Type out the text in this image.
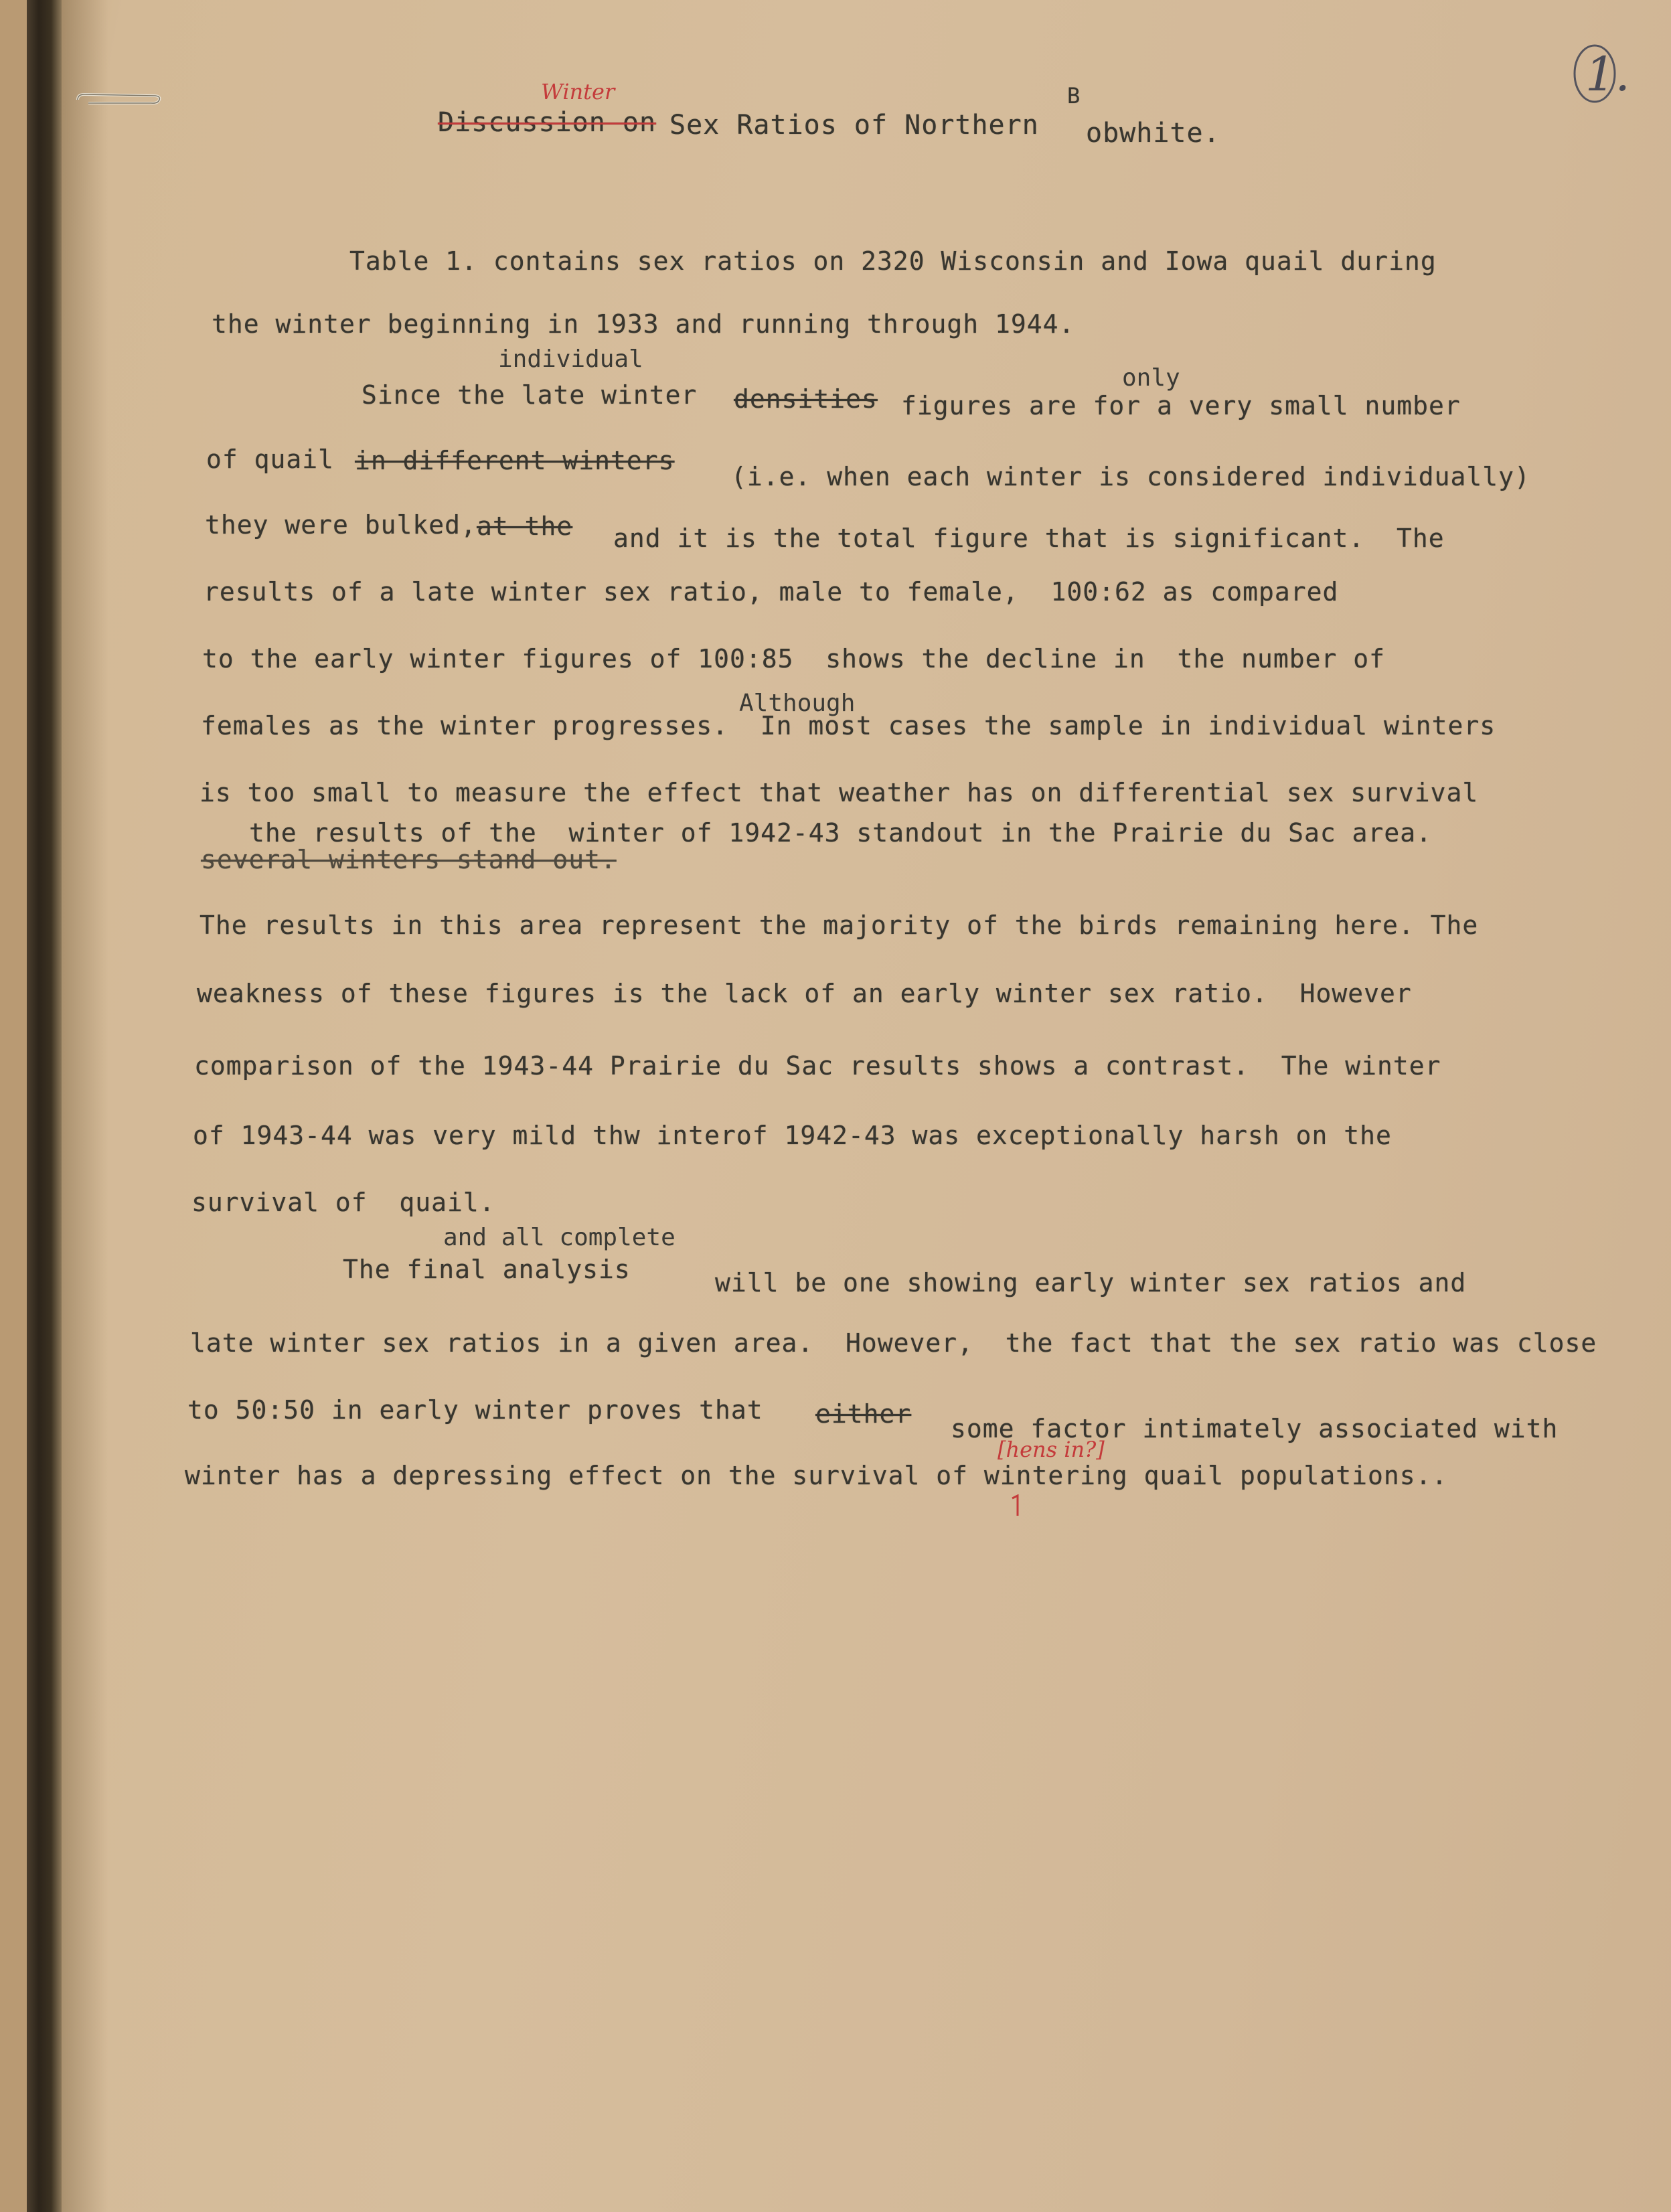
1.
Discussion on
Winter
Sex Ratios of Northern
B
obwhite.
Table 1. contains sex ratios on 2320 Wisconsin and Iowa quail during
the winter beginning in 1933 and running through 1944.
individual
only
Since the late winter densities figures are for a very small number
of quail in different winters
(i.e. when each winter is considered individually)
they were bulked, at the and it is the total figure that is significant.  The
results of a late winter sex ratio, male to female,  100:62 as compared
to the early winter figures of 100:85  shows the decline in  the number of
Although
females as the winter progresses.  In most cases the sample in individual winters
is too small to measure the effect that weather has on differential sex survival
the results of the  winter of 1942-43 standout in the Prairie du Sac area.
several winters stand out.
The results in this area represent the majority of the birds remaining here. The
weakness of these figures is the lack of an early winter sex ratio.  However
comparison of the 1943-44 Prairie du Sac results shows a contrast.  The winter
of 1943-44 was very mild thw interof 1942-43 was exceptionally harsh on the
survival of  quail.
and all complete
The final analysis	will be one showing early winter sex ratios and
late winter sex ratios in a given area.  However,  the fact that the sex ratio was close
to 50:50 in early winter proves that either some factor intimately associated with
[hens in?]
winter has a depressing effect on the survival of wintering quail populations..
